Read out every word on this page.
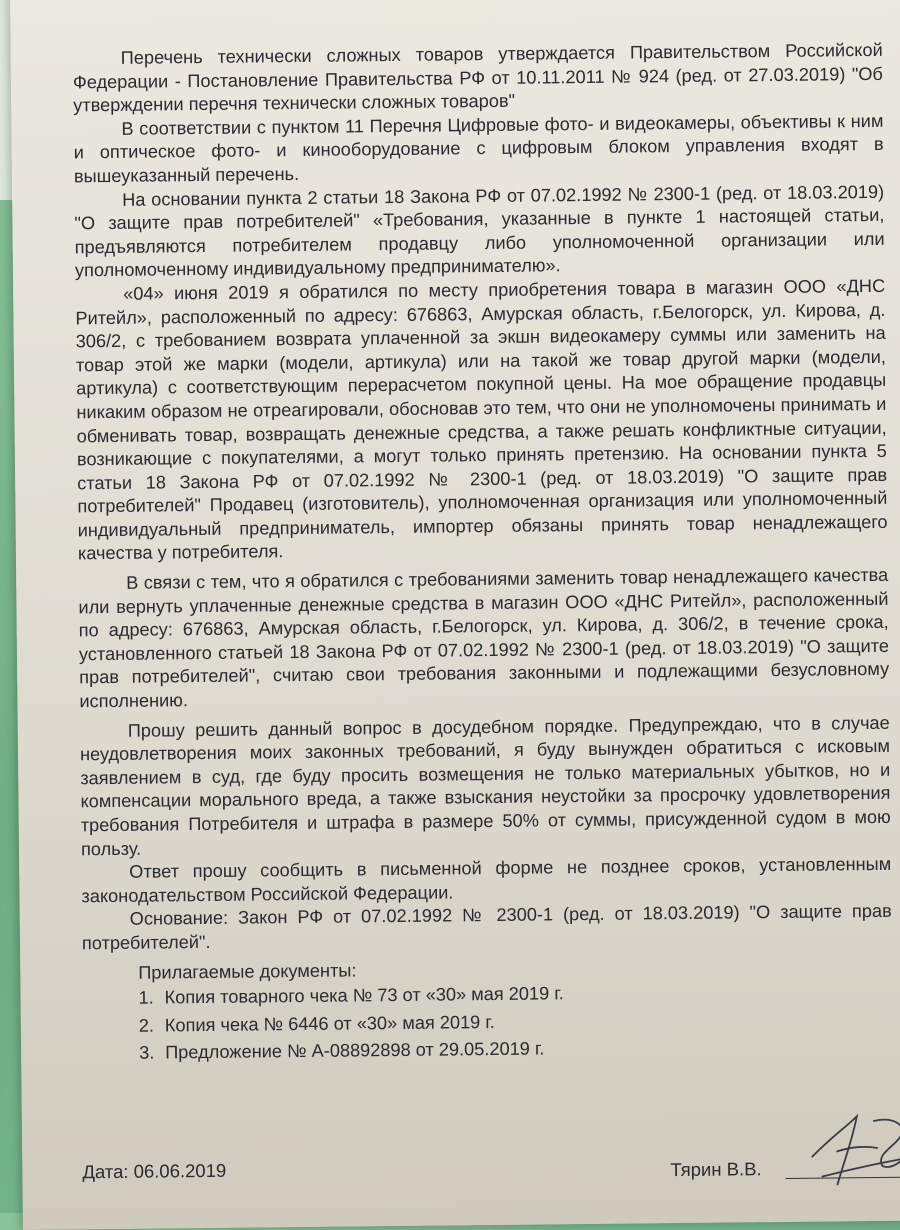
Перечень технически сложных товаров утверждается Правительством Российской Федерации - Постановление Правительства РФ от 10.11.2011 № 924 (ред. от 27.03.2019) "Об утверждении перечня технически сложных товаров"

В соответствии с пунктом 11 Перечня Цифровые фото- и видеокамеры, объективы к ним и оптическое фото- и кинооборудование с цифровым блоком управления входят в вышеуказанный перечень.

На основании пункта 2 статьи 18 Закона РФ от 07.02.1992 № 2300-1 (ред. от 18.03.2019) "О защите прав потребителей" «Требования, указанные в пункте 1 настоящей статьи, предъявляются потребителем продавцу либо уполномоченной организации или уполномоченному индивидуальному предпринимателю».

«04» июня 2019 я обратился по месту приобретения товара в магазин ООО «ДНС Ритейл», расположенный по адресу: 676863, Амурская область, г.Белогорск, ул. Кирова, д. 306/2, с требованием возврата уплаченной за экшн видеокамеру суммы или заменить на товар этой же марки (модели, артикула) или на такой же товар другой марки (модели, артикула) с соответствующим перерасчетом покупной цены. На мое обращение продавцы никаким образом не отреагировали, обосновав это тем, что они не уполномочены принимать и обменивать товар, возвращать денежные средства, а также решать конфликтные ситуации, возникающие с покупателями, а могут только принять претензию. На основании пункта 5 статьи 18 Закона РФ от 07.02.1992 № 2300-1 (ред. от 18.03.2019) "О защите прав потребителей" Продавец (изготовитель), уполномоченная организация или уполномоченный индивидуальный предприниматель, импортер обязаны принять товар ненадлежащего качества у потребителя.

В связи с тем, что я обратился с требованиями заменить товар ненадлежащего качества или вернуть уплаченные денежные средства в магазин ООО «ДНС Ритейл», расположенный по адресу: 676863, Амурская область, г.Белогорск, ул. Кирова, д. 306/2, в течение срока, установленного статьей 18 Закона РФ от 07.02.1992 № 2300-1 (ред. от 18.03.2019) "О защите прав потребителей", считаю свои требования законными и подлежащими безусловному исполнению.

Прошу решить данный вопрос в досудебном порядке. Предупреждаю, что в случае неудовлетворения моих законных требований, я буду вынужден обратиться с исковым заявлением в суд, где буду просить возмещения не только материальных убытков, но и компенсации морального вреда, а также взыскания неустойки за просрочку удовлетворения требования Потребителя и штрафа в размере 50% от суммы, присужденной судом в мою пользу.

Ответ прошу сообщить в письменной форме не позднее сроков, установленным законодательством Российской Федерации.

Основание: Закон РФ от 07.02.1992 № 2300-1 (ред. от 18.03.2019) "О защите прав потребителей".

Прилагаемые документы:
1. Копия товарного чека № 73 от «30» мая 2019 г.
2. Копия чека № 6446 от «30» мая 2019 г.
3. Предложение № А-08892898 от 29.05.2019 г.
Дата: 06.06.2019	Тярин В.В.
